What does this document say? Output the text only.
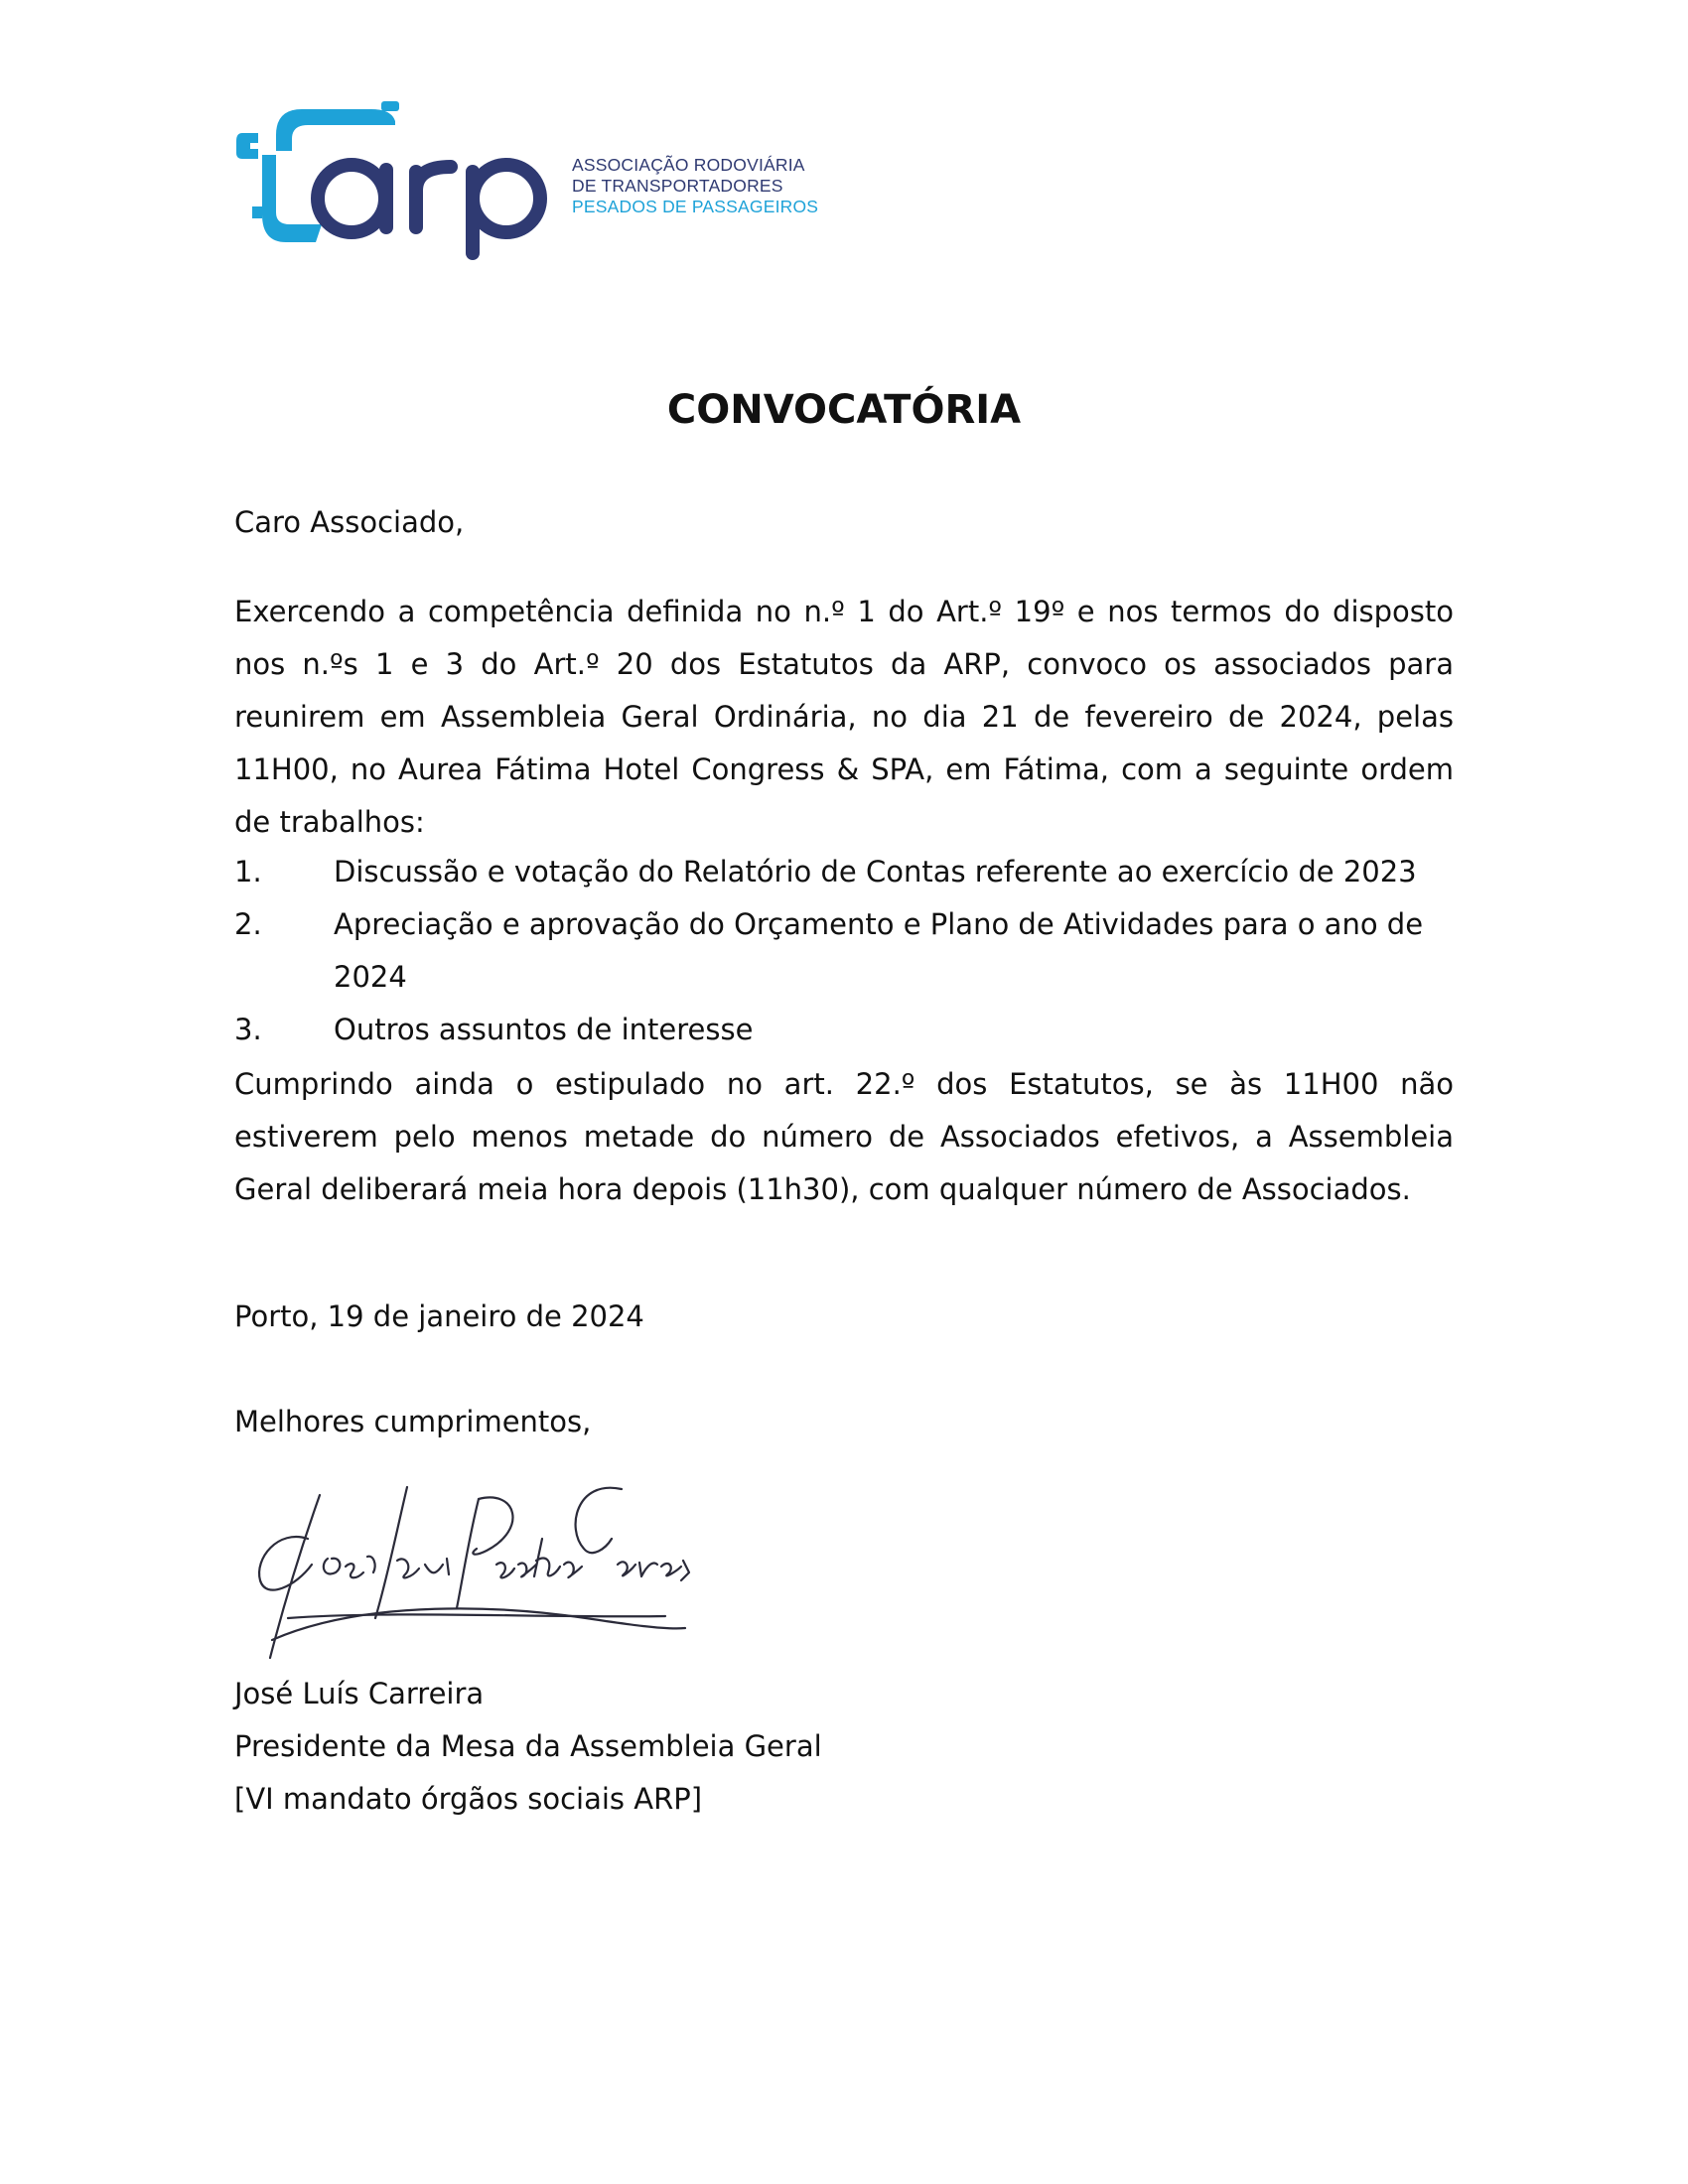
ASSOCIAÇÃO RODOVIÁRIA
DE TRANSPORTADORES
PESADOS DE PASSAGEIROS
CONVOCATÓRIA
Caro Associado,
Exercendo a competência definida no n.º 1 do Art.º 19º e nos termos do disposto nos n.ºs 1 e 3 do Art.º 20 dos Estatutos da ARP, convoco os associados para reunirem em Assembleia Geral Ordinária, no dia 21 de fevereiro de 2024, pelas 11H00, no Aurea Fátima Hotel Congress & SPA, em Fátima, com a seguinte ordem de trabalhos:
1.	Discussão e votação do Relatório de Contas referente ao exercício de 2023
2.	Apreciação e aprovação do Orçamento e Plano de Atividades para o ano de 2024
3.	Outros assuntos de interesse
Cumprindo ainda o estipulado no art. 22.º dos Estatutos, se às 11H00 não estiverem pelo menos metade do número de Associados efetivos, a Assembleia Geral deliberará meia hora depois (11h30), com qualquer número de Associados.
Porto, 19 de janeiro de 2024
Melhores cumprimentos,
José Luís Carreira
Presidente da Mesa da Assembleia Geral
[VI mandato órgãos sociais ARP]
